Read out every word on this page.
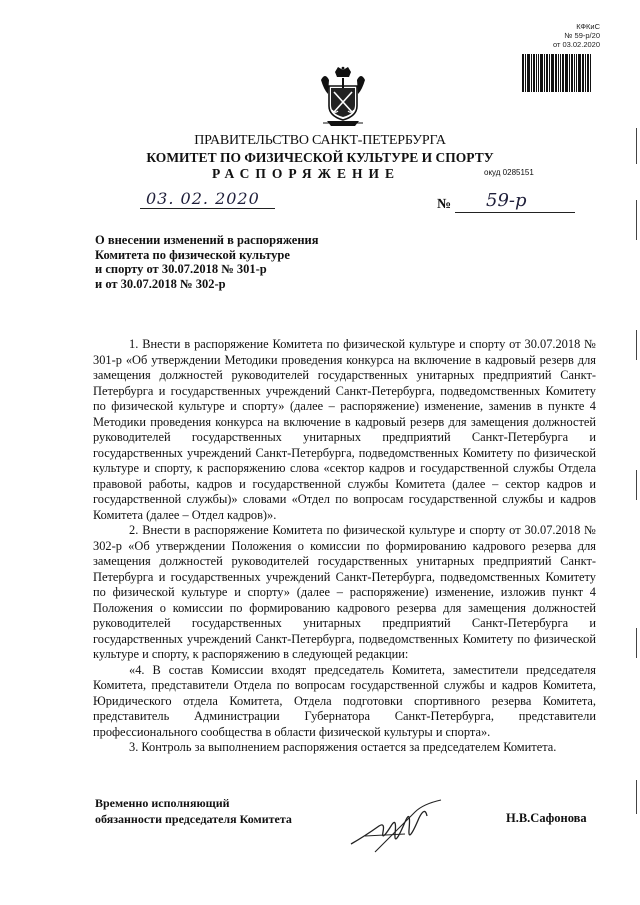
КФКиС
№ 59-р/20
от 03.02.2020
ПРАВИТЕЛЬСТВО САНКТ-ПЕТЕРБУРГА
КОМИТЕТ ПО ФИЗИЧЕСКОЙ КУЛЬТУРЕ И СПОРТУ
РАСПОРЯЖЕНИЕ	окуд 0285151
03. 02. 2020	№ 59-р
О внесении изменений в распоряжения
Комитета по физической культуре
и спорту от 30.07.2018 № 301-р
и от 30.07.2018 № 302-р

1. Внести в распоряжение Комитета по физической культуре и спорту от 30.07.2018 № 301-р «Об утверждении Методики проведения конкурса на включение в кадровый резерв для замещения должностей руководителей государственных унитарных предприятий Санкт-Петербурга и государственных учреждений Санкт-Петербурга, подведомственных Комитету по физической культуре и спорту» (далее – распоряжение) изменение, заменив в пункте 4 Методики проведения конкурса на включение в кадровый резерв для замещения должностей руководителей государственных унитарных предприятий Санкт-Петербурга и государственных учреждений Санкт-Петербурга, подведомственных Комитету по физической культуре и спорту, к распоряжению слова «сектор кадров и государственной службы Отдела правовой работы, кадров и государственной службы Комитета (далее – сектор кадров и государственной службы)» словами «Отдел по вопросам государственной службы и кадров Комитета (далее – Отдел кадров)».

2. Внести в распоряжение Комитета по физической культуре и спорту от 30.07.2018 № 302-р «Об утверждении Положения о комиссии по формированию кадрового резерва для замещения должностей руководителей государственных унитарных предприятий Санкт-Петербурга и государственных учреждений Санкт-Петербурга, подведомственных Комитету по физической культуре и спорту» (далее – распоряжение) изменение, изложив пункт 4 Положения о комиссии по формированию кадрового резерва для замещения должностей руководителей государственных унитарных предприятий Санкт-Петербурга и государственных учреждений Санкт-Петербурга, подведомственных Комитету по физической культуре и спорту, к распоряжению в следующей редакции:

«4. В состав Комиссии входят председатель Комитета, заместители председателя Комитета, представители Отдела по вопросам государственной службы и кадров Комитета, Юридического отдела Комитета, Отдела подготовки спортивного резерва Комитета, представитель Администрации Губернатора Санкт-Петербурга, представители профессионального сообщества в области физической культуры и спорта».

3. Контроль за выполнением распоряжения остается за председателем Комитета.

Временно исполняющий
обязанности председателя Комитета	Н.В.Сафонова
